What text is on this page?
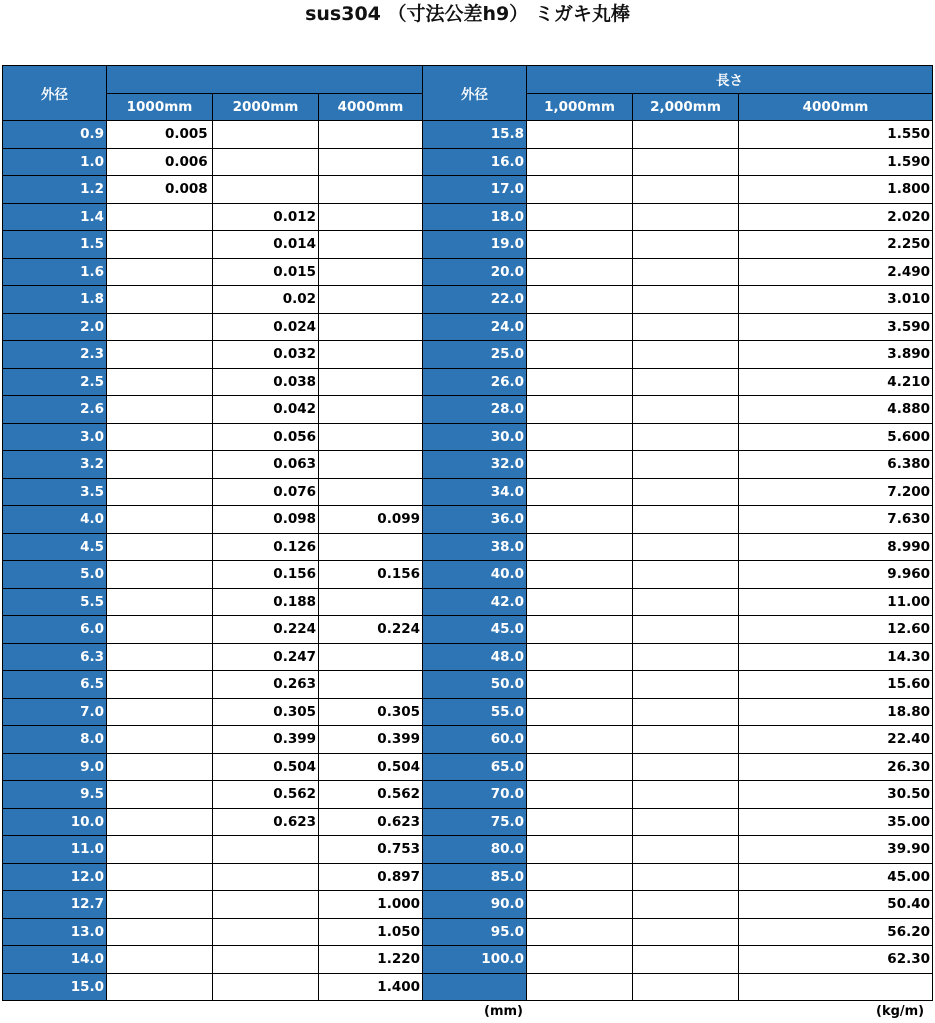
sus304 （寸法公差h9） ミガキ丸棒
外径				外径	長さ		
	1000mm	2000mm	4000mm		1,000mm	2,000mm	4000mm
0.9	0.005			15.8			1.550
1.0	0.006			16.0			1.590
1.2	0.008			17.0			1.800
1.4		0.012		18.0			2.020
1.5		0.014		19.0			2.250
1.6		0.015		20.0			2.490
1.8		0.02		22.0			3.010
2.0		0.024		24.0			3.590
2.3		0.032		25.0			3.890
2.5		0.038		26.0			4.210
2.6		0.042		28.0			4.880
3.0		0.056		30.0			5.600
3.2		0.063		32.0			6.380
3.5		0.076		34.0			7.200
4.0		0.098	0.099	36.0			7.630
4.5		0.126		38.0			8.990
5.0		0.156	0.156	40.0			9.960
5.5		0.188		42.0			11.00
6.0		0.224	0.224	45.0			12.60
6.3		0.247		48.0			14.30
6.5		0.263		50.0			15.60
7.0		0.305	0.305	55.0			18.80
8.0		0.399	0.399	60.0			22.40
9.0		0.504	0.504	65.0			26.30
9.5		0.562	0.562	70.0			30.50
10.0		0.623	0.623	75.0			35.00
11.0			0.753	80.0			39.90
12.0			0.897	85.0			45.00
12.7			1.000	90.0			50.40
13.0			1.050	95.0			56.20
14.0			1.220	100.0			62.30
15.0			1.400				
(mm)	(kg/m)
